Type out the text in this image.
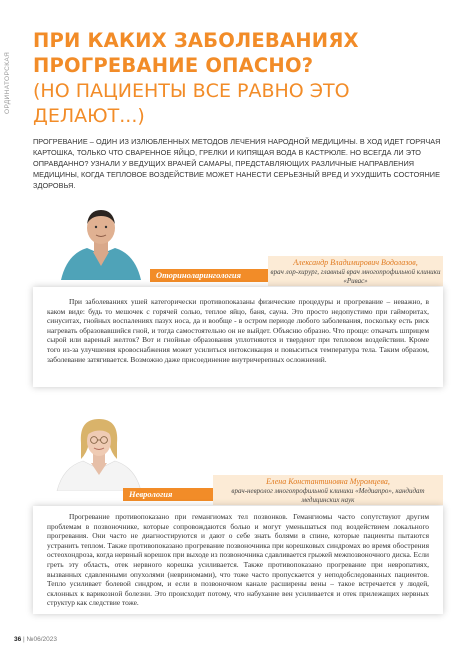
ОРДИНАТОРСКАЯ
ПРИ КАКИХ ЗАБОЛЕВАНИЯХ ПРОГРЕВАНИЕ ОПАСНО?
(НО ПАЦИЕНТЫ ВСЕ РАВНО ЭТО ДЕЛАЮТ...)

ПРОГРЕВАНИЕ – ОДИН ИЗ ИЗЛЮБЛЕННЫХ МЕТОДОВ ЛЕЧЕНИЯ НАРОДНОЙ МЕДИЦИНЫ. В ХОД ИДЕТ ГОРЯЧАЯ КАРТОШКА, ТОЛЬКО ЧТО СВАРЕННОЕ ЯЙЦО, ГРЕЛКИ И КИПЯЩАЯ ВОДА В КАСТРЮЛЕ. НО ВСЕГДА ЛИ ЭТО ОПРАВДАННО? УЗНАЛИ У ВЕДУЩИХ ВРАЧЕЙ САМАРЫ, ПРЕДСТАВЛЯЮЩИХ РАЗЛИЧНЫЕ НАПРАВЛЕНИЯ МЕДИЦИНЫ, КОГДА ТЕПЛОВОЕ ВОЗДЕЙСТВИЕ МОЖЕТ НАНЕСТИ СЕРЬЕЗНЫЙ ВРЕД И УХУДШИТЬ СОСТОЯНИЕ ЗДОРОВЬЯ.

Оториноларингология
Александр Владимирович Водолазов,
врач лор-хирург, главный врач многопрофильной клиники «Ривас»

При заболеваниях ушей категорически противопоказаны физические процедуры и прогревание – неважно, в каком виде: будь то мешочек с горячей солью, теплое яйцо, баня, сауна. Это просто недопустимо при гайморитах, синуситах, гнойных воспалениях пазух носа, да и вообще - в остром периоде любого заболевания, поскольку есть риск нагревать образовавшийся гной, и тогда самостоятельно он не выйдет. Объясню образно. Что проще: откачать шприцем сырой или вареный желток? Вот и гнойные образования уплотняются и твердеют при тепловом воздействии. Кроме того из-за улучшения кровоснабжения может усилиться интоксикация и повыситься температура тела. Таким образом, заболевание затягивается. Возможно даже присоединение внутричерепных осложнений.

Неврология
Елена Константиновна Муромцева,
врач-невролог многопрофильной клиники «Медиапро», кандидат медицинских наук

Прогревание противопоказано при гемангиомах тел позвонков. Гемангиомы часто сопутствуют другим проблемам в позвоночнике, которые сопровождаются болью и могут уменьшаться под воздействием локального прогревания. Они часто не диагностируются и дают о себе знать болями в спине, которые пациенты пытаются устранить теплом. Также противопоказано прогревание позвоночника при корешковых синдромах во время обострения остеохондроза, когда нервный корешок при выходе из позвоночника сдавливается грыжей межпозвоночного диска. Если греть эту область, отек нервного корешка усиливается. Также противопоказано прогревание при невропатиях, вызванных сдавленными опухолями (невриномами), что тоже часто пропускается у неподобследованных пациентов. Тепло усиливает болевой синдром, и если в позвоночном канале расширены вены – такое встречается у людей, склонных к варикозной болезни. Это происходит потому, что набухание вен усиливается и отек прилежащих нервных структур как следствие тоже.

36 | №06/2023
